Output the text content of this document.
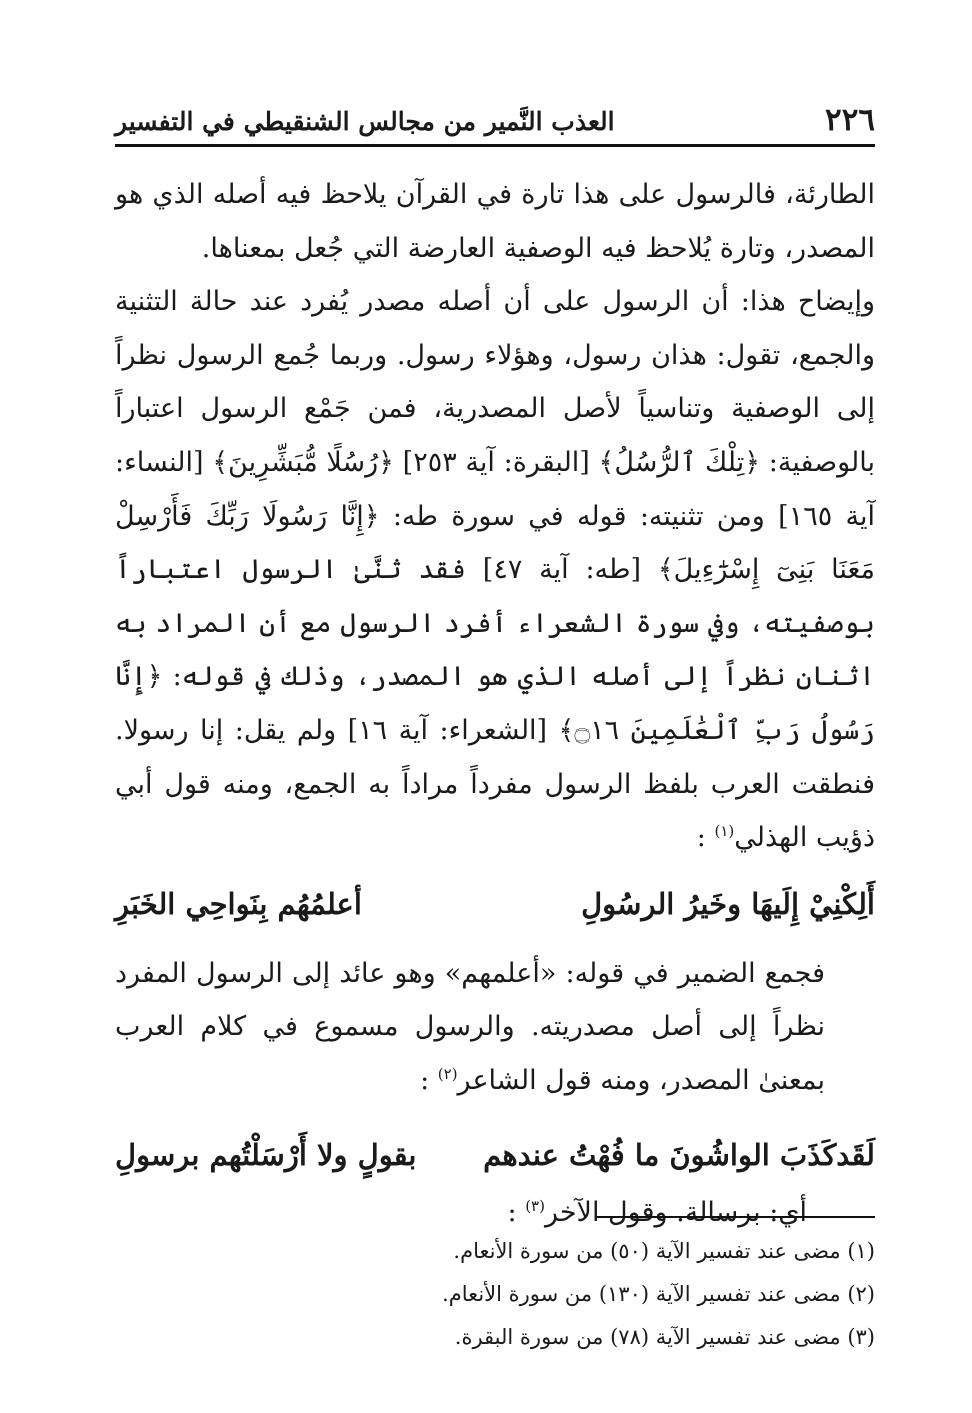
٢٢٦
العذب النَّمير من مجالس الشنقيطي في التفسير

الطارئة، فالرسول على هذا تارة في القرآن يلاحظ فيه أصله الذي هو المصدر، وتارة يُلاحظ فيه الوصفية العارضة التي جُعل بمعناها.

وإيضاح هذا: أن الرسول على أن أصله مصدر يُفرد عند حالة التثنية والجمع، تقول: هذان رسول، وهؤلاء رسول. وربما جُمع الرسول نظراً إلى الوصفية وتناسياً لأصل المصدرية، فمن جَمْع الرسول اعتباراً بالوصفية: ﴿تِلْكَ ٱلرُّسُلُ﴾ [البقرة: آية ٢٥٣] ﴿رُسُلًا مُّبَشِّرِينَ﴾ [النساء: آية ١٦٥] ومن تثنيته: قوله في سورة طه: ﴿إِنَّا رَسُولَا رَبِّكَ فَأَرْسِلْ مَعَنَا بَنِىٓ إِسْرَٰٓءِيلَ﴾ [طه: آية ٤٧] فقد ثنَّىٰ الرسول اعتباراً بوصفيته، وفي سورة الشعراء أفرد الرسول مع أن المراد به اثنان نظراً إلى أصله الذي هو المصدر، وذلك في قوله: ﴿إِنَّا رَسُولُ رَبِّ ٱلْعَٰلَمِينَ ۝١٦﴾ [الشعراء: آية ١٦] ولم يقل: إنا رسولا. فنطقت العرب بلفظ الرسول مفرداً مراداً به الجمع، ومنه قول أبي ذؤيب الهذلي$^{(١)}$ :

أَلِكْنِيْ إِلَيهَا وخَيرُ الرسُولِ
أعلمُهُم بِنَواحِي الخَبَرِ

فجمع الضمير في قوله: «أعلمهم» وهو عائد إلى الرسول المفرد نظراً إلى أصل مصدريته. والرسول مسموع في كلام العرب بمعنىٰ المصدر، ومنه قول الشاعر$^{(٢)}$ :

لَقَدكَذَبَ الواشُونَ ما فُهْتُ عندهم
بقولٍ ولا أَرْسَلْتُهم برسولِ

أي: برسالة. وقول الآخر$^{(٣)}$ :

(١) مضى عند تفسير الآية (٥٠) من سورة الأنعام.
(٢) مضى عند تفسير الآية (١٣٠) من سورة الأنعام.
(٣) مضى عند تفسير الآية (٧٨) من سورة البقرة.
